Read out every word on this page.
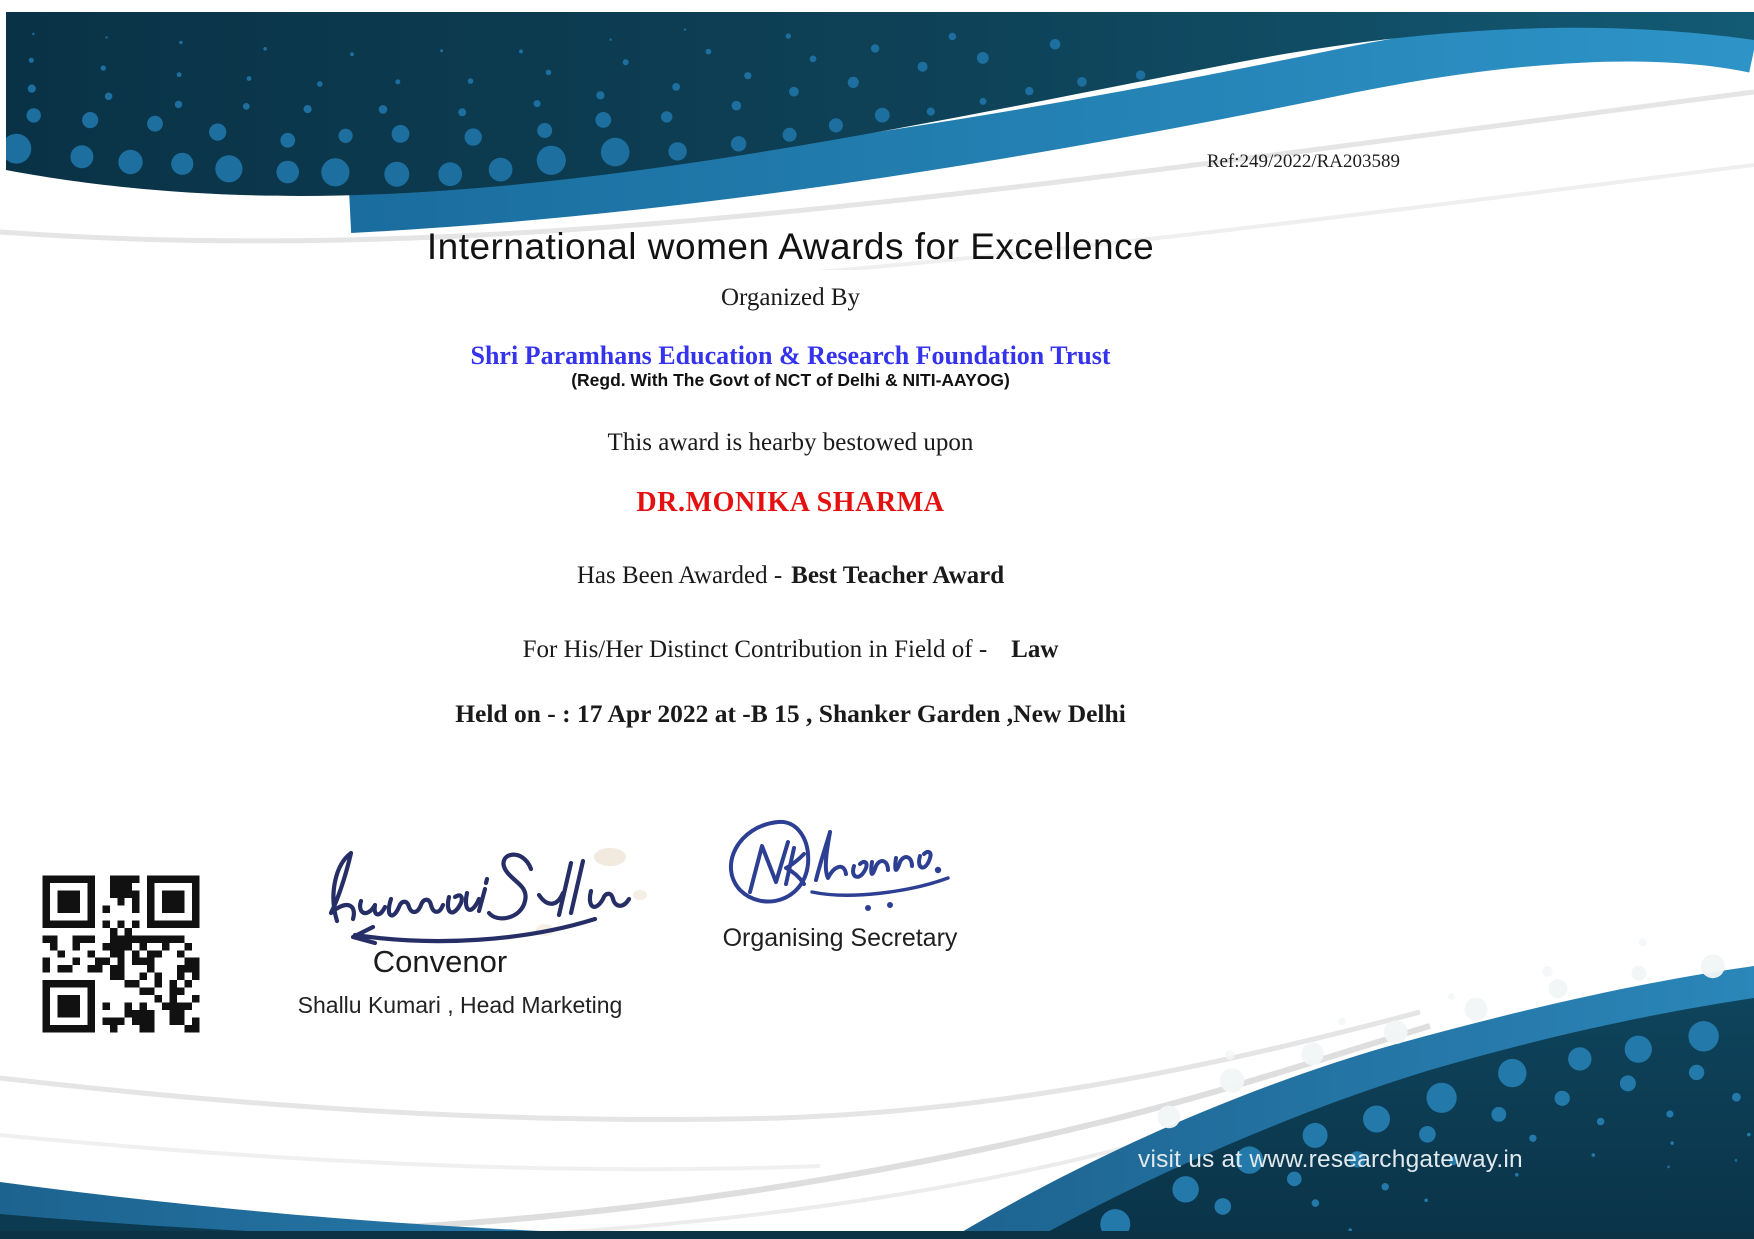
Ref:249/2022/RA203589
International women Awards for Excellence
Organized By
Shri Paramhans Education & Research Foundation Trust
(Regd. With The Govt of NCT of Delhi & NITI-AAYOG)
This award is hearby bestowed upon
DR.MONIKA SHARMA
Has Been Awarded - Best Teacher Award
For His/Her Distinct Contribution in Field of - Law
Held on - : 17 Apr 2022 at -B 15 , Shanker Garden ,New Delhi
Convenor
Shallu Kumari , Head Marketing
Organising Secretary
visit us at www.researchgateway.in
